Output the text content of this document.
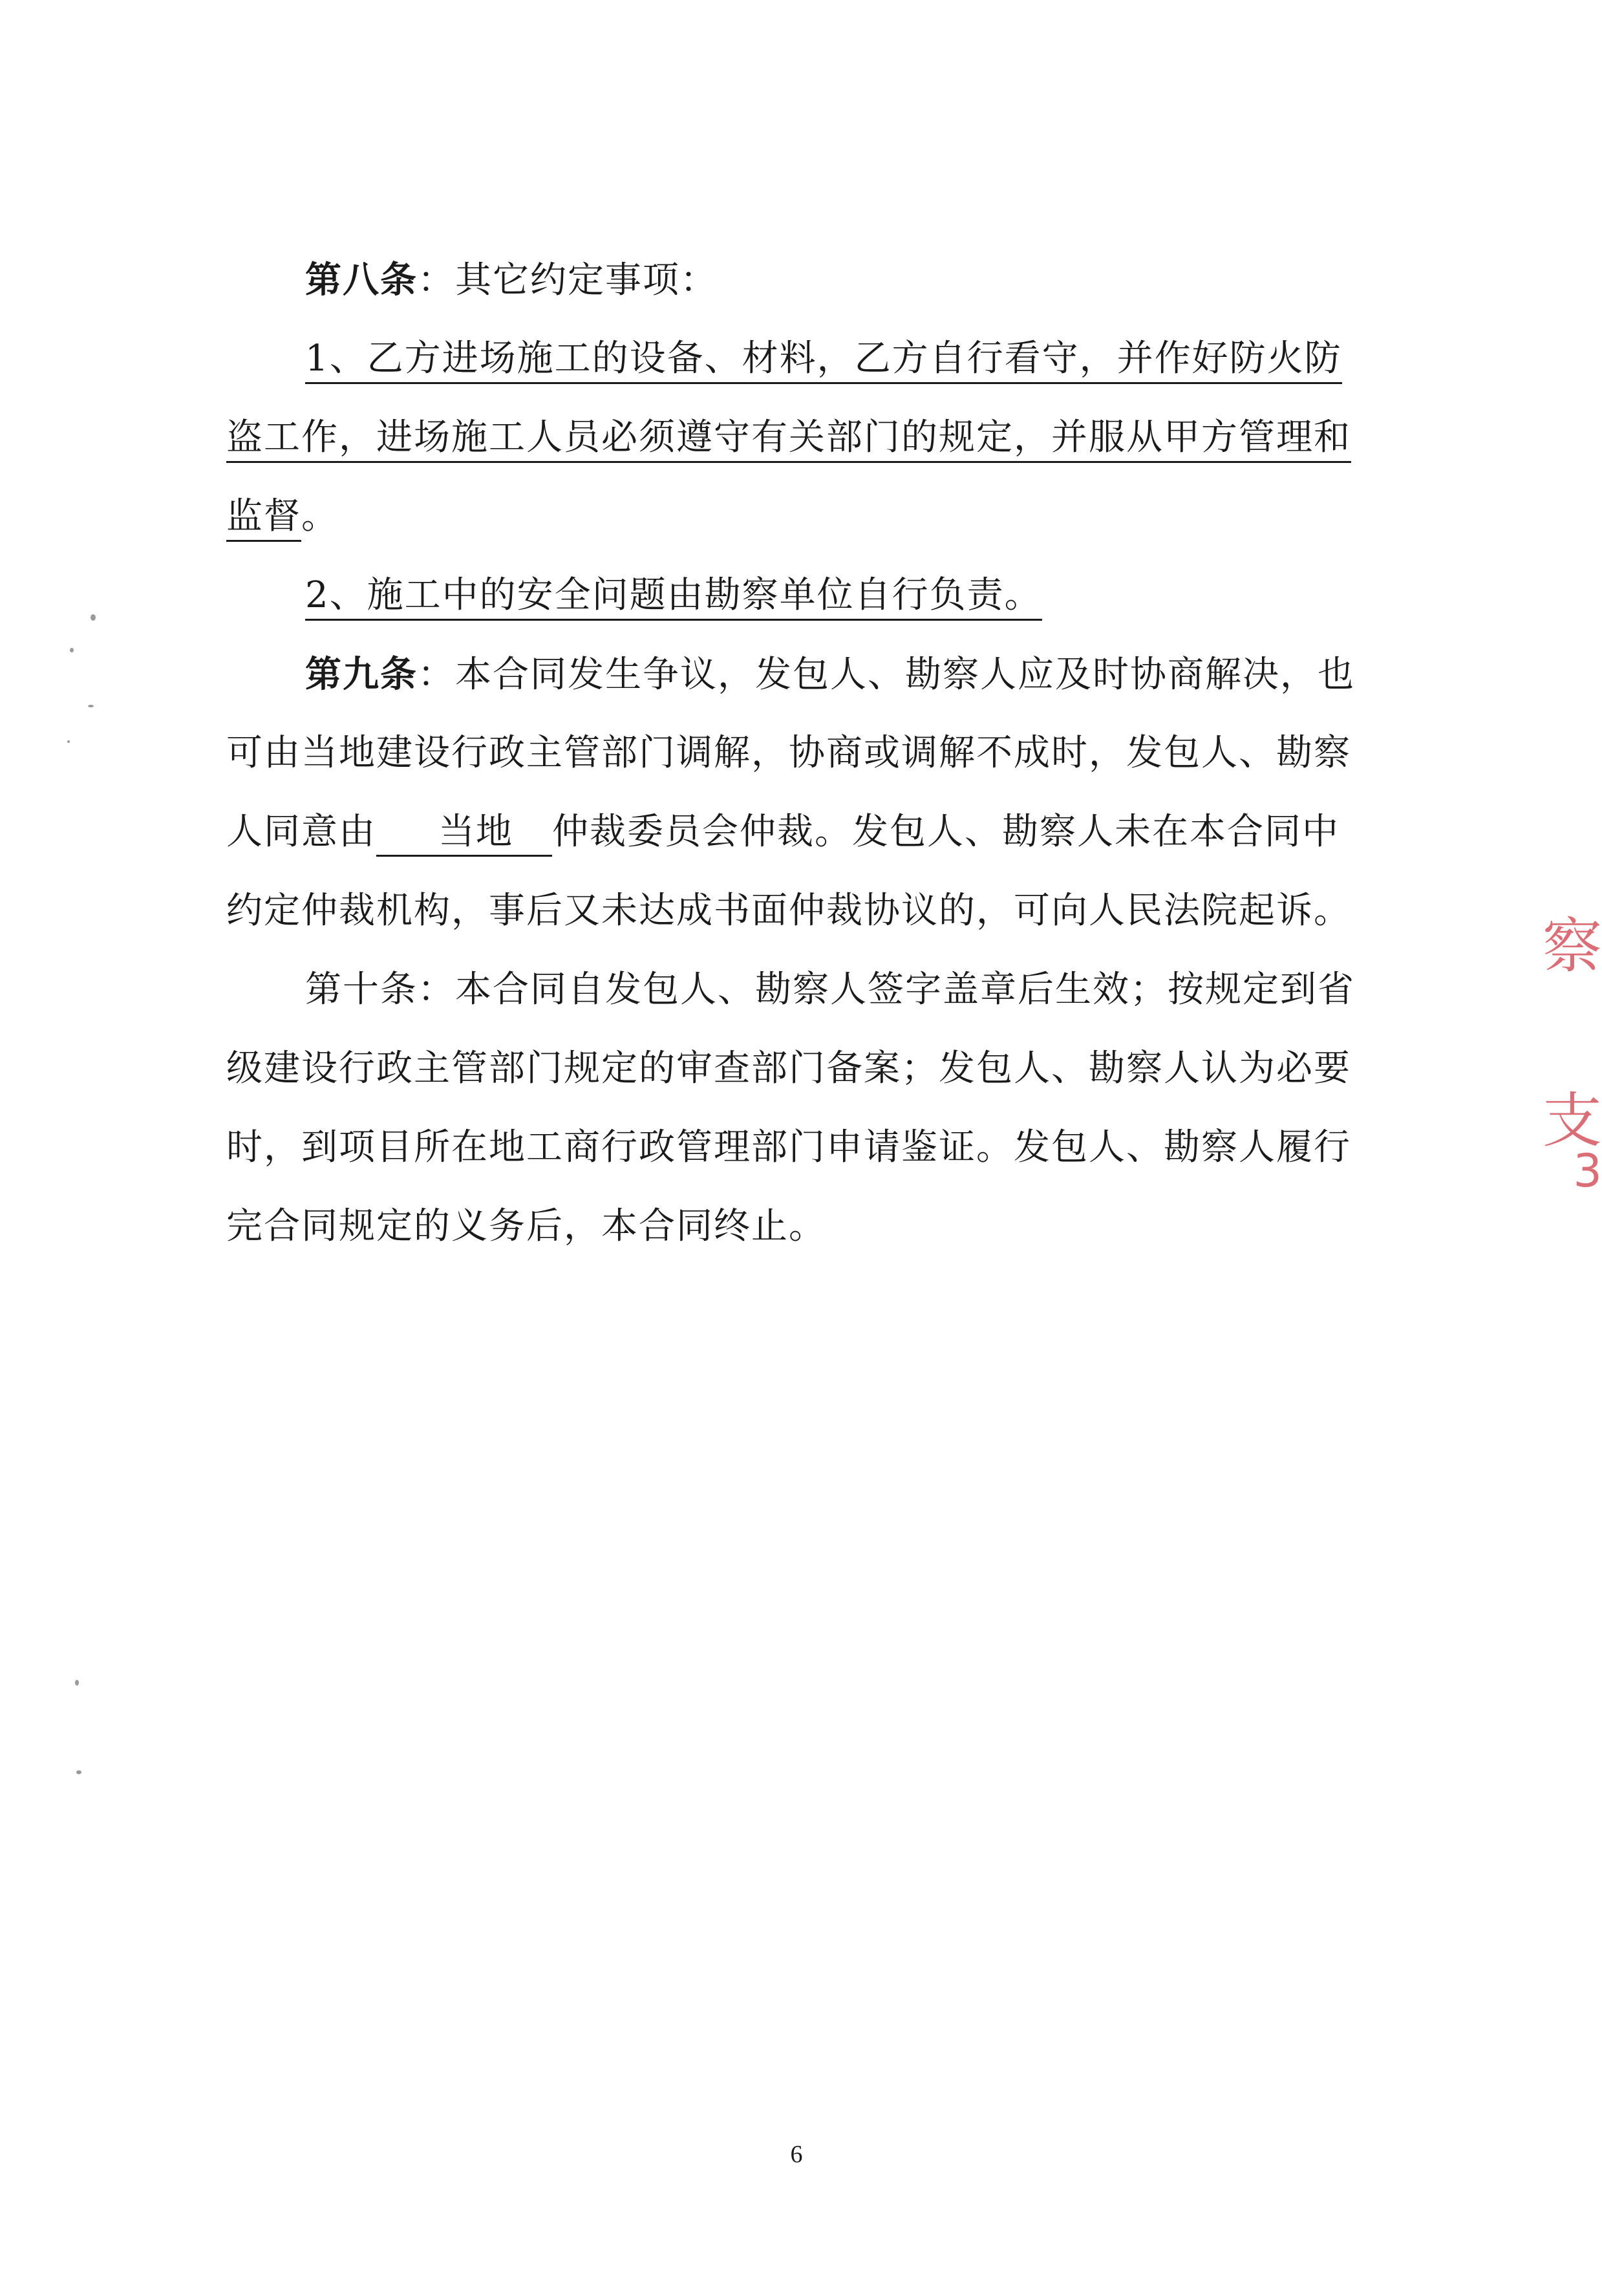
第八条：其它约定事项：
1、乙方进场施工的设备、材料，乙方自行看守，并作好防火防
盗工作，进场施工人员必须遵守有关部门的规定，并服从甲方管理和
监督。
2、施工中的安全问题由勘察单位自行负责。
第九条：本合同发生争议，发包人、勘察人应及时协商解决，也
可由当地建设行政主管部门调解，协商或调解不成时，发包人、勘察
人同意由 当地 仲裁委员会仲裁。发包人、勘察人未在本合同中
约定仲裁机构，事后又未达成书面仲裁协议的，可向人民法院起诉。
第十条：本合同自发包人、勘察人签字盖章后生效；按规定到省
级建设行政主管部门规定的审查部门备案；发包人、勘察人认为必要
时，到项目所在地工商行政管理部门申请鉴证。发包人、勘察人履行
完合同规定的义务后，本合同终止。
察
支
3
6
